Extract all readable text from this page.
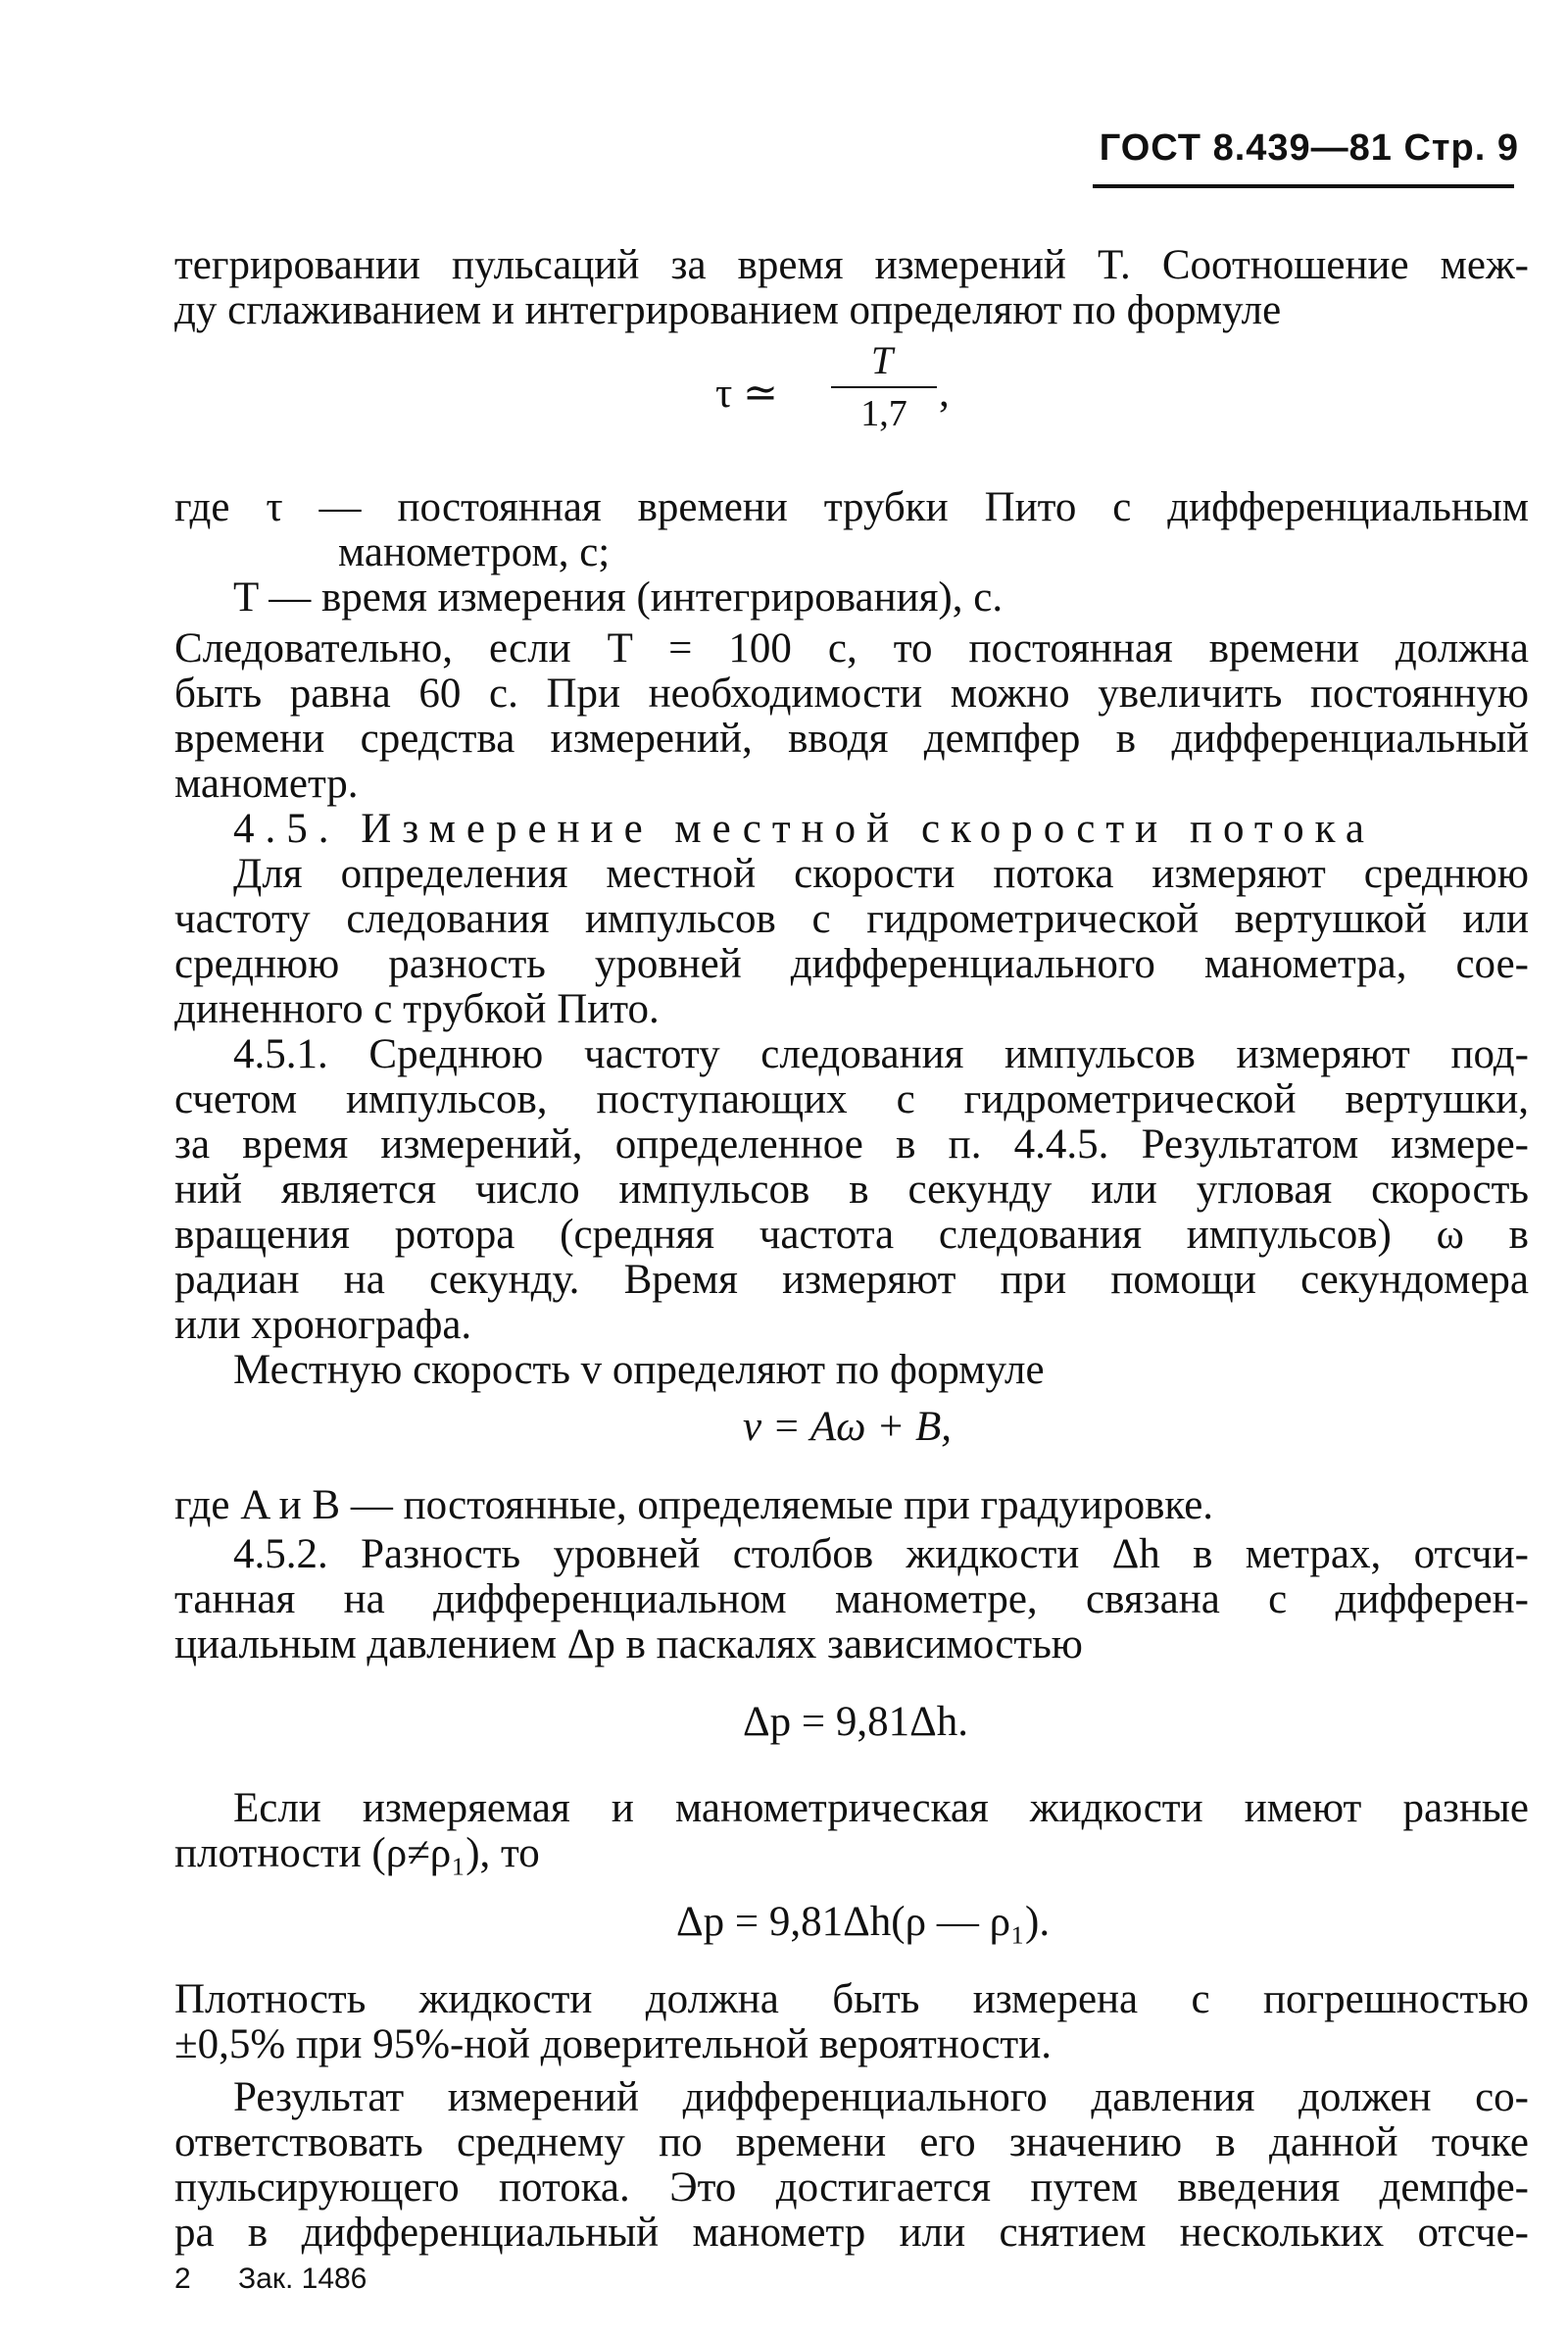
ГОСТ 8.439—81 Стр. 9

тегрировании пульсаций за время измерений T. Соотношение меж-

ду сглаживанием и интегрированием определяют по формуле

τ ≃
T
1,7 ,

где τ — постоянная времени трубки Пито с дифференциальным

манометром, с;

T — время измерения (интегрирования), с.

Следовательно, если T = 100 с, то постоянная времени должна

быть равна 60 с. При необходимости можно увеличить постоянную

времени средства измерений, вводя демпфер в дифференциальный

манометр.

4.5. Измерение местной скорости потока

Для определения местной скорости потока измеряют среднюю

частоту следования импульсов с гидрометрической вертушкой или

среднюю разность уровней дифференциального манометра, сое-

диненного с трубкой Пито.

4.5.1. Среднюю частоту следования импульсов измеряют под-

счетом импульсов, поступающих с гидрометрической вертушки,

за время измерений, определенное в п. 4.4.5. Результатом измере-

ний является число импульсов в секунду или угловая скорость

вращения ротора (средняя частота следования импульсов) ω в

радиан на секунду. Время измеряют при помощи секундомера

или хронографа.

Местную скорость v определяют по формуле

v = Aω + B,

где A и B — постоянные, определяемые при градуировке.

4.5.2. Разность уровней столбов жидкости Δh в метрах, отсчи-

танная на дифференциальном манометре, связана с дифферен-

циальным давлением Δp в паскалях зависимостью

Δp = 9,81Δh.

Если измеряемая и манометрическая жидкости имеют разные

плотности (ρ≠ρ₁), то

Δp = 9,81Δh(ρ — ρ₁).

Плотность жидкости должна быть измерена с погрешностью

±0,5% при 95%-ной доверительной вероятности.

Результат измерений дифференциального давления должен со-

ответствовать среднему по времени его значению в данной точке

пульсирующего потока. Это достигается путем введения демпфе-

ра в дифференциальный манометр или снятием нескольких отсче-

2 Зак. 1486
